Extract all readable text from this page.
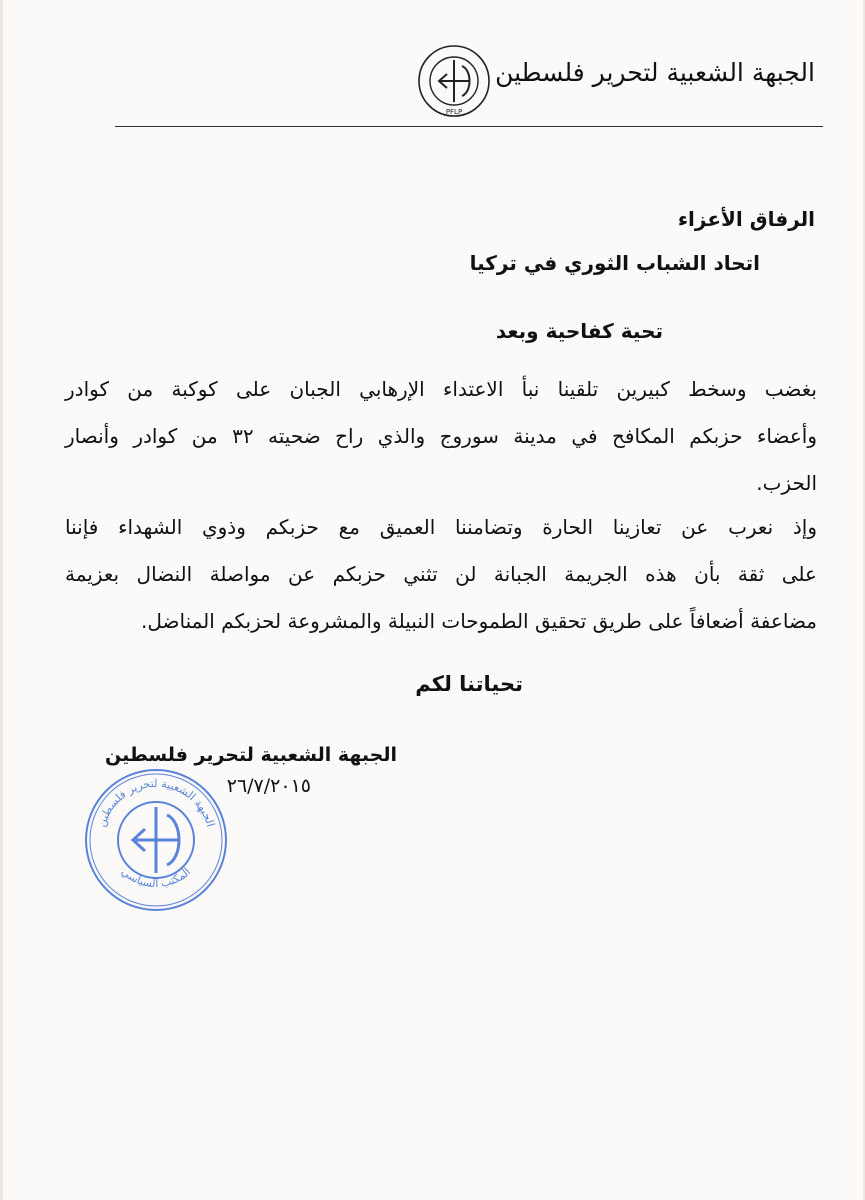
الجبهة الشعبية لتحرير فلسطين
PFLP
الرفاق الأعزاء
اتحاد الشباب الثوري في تركيا
تحية كفاحية وبعد
بغضب وسخط كبيرين تلقينا نبأ الاعتداء الإرهابي الجبان على كوكبة من كوادر
وأعضاء حزبكم المكافح في مدينة سوروج والذي راح ضحيته ٣٢ من كوادر وأنصار
الحزب.
وإذ نعرب عن تعازينا الحارة وتضامننا العميق مع حزبكم وذوي الشهداء فإننا
على ثقة بأن هذه الجريمة الجبانة لن تثني حزبكم عن مواصلة النضال بعزيمة
مضاعفة أضعافاً على طريق تحقيق الطموحات النبيلة والمشروعة لحزبكم المناضل.
تحياتنا لكم
الجبهة الشعبية لتحرير فلسطين
٢٦/٧/٢٠١٥
الجبهة الشعبية لتحرير فلسطين
المكتب السياسي
